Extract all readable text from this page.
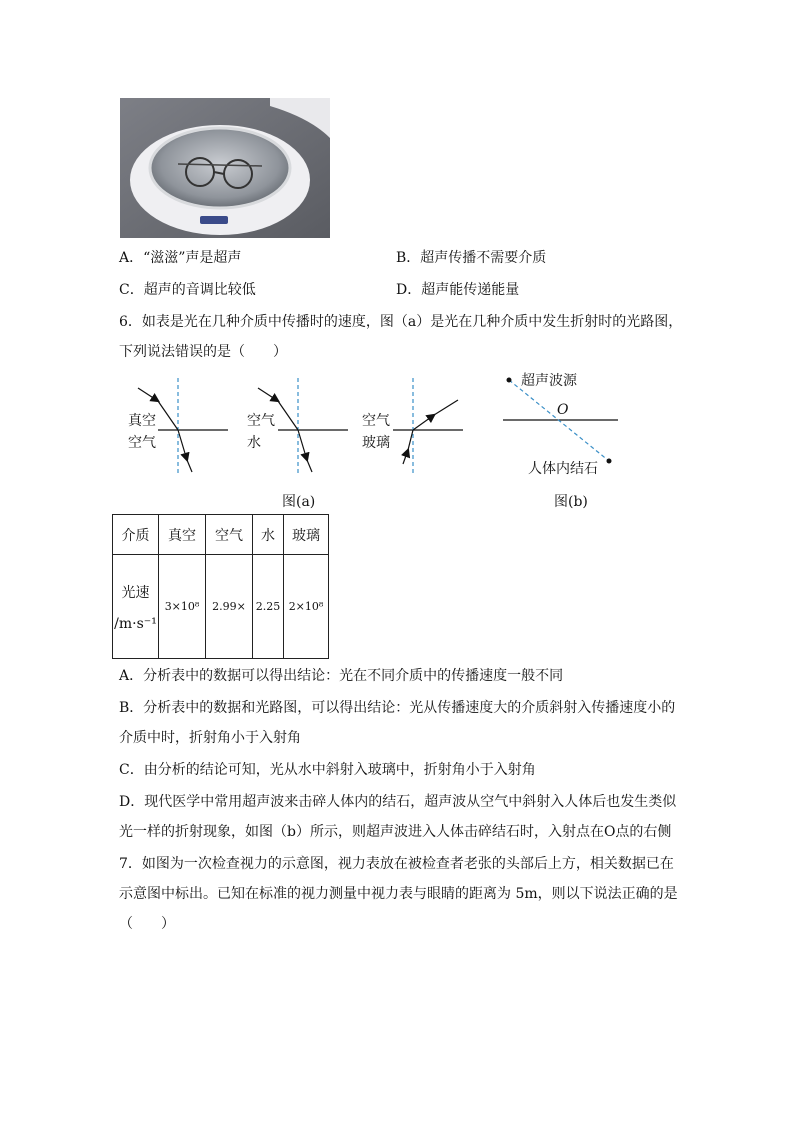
A．“滋滋”声是超声	B．超声传播不需要介质
C．超声的音调比较低	D．超声能传递能量
6．如表是光在几种介质中传播时的速度，图（a）是光在几种介质中发生折射时的光路图，
下列说法错误的是（　　）
真空
空气
空气
水
空气
玻璃
图(a)
超声波源
O
人体内结石
图(b)
介质	真空	空气	水	玻璃

光速
/m·s⁻¹	3×10⁸	2.99×	2.25	2×10⁸
A．分析表中的数据可以得出结论：光在不同介质中的传播速度一般不同
B．分析表中的数据和光路图，可以得出结论：光从传播速度大的介质斜射入传播速度小的
介质中时，折射角小于入射角
C．由分析的结论可知，光从水中斜射入玻璃中，折射角小于入射角
D．现代医学中常用超声波来击碎人体内的结石，超声波从空气中斜射入人体后也发生类似
光一样的折射现象，如图（b）所示，则超声波进入人体击碎结石时，入射点在O点的右侧
7．如图为一次检查视力的示意图，视力表放在被检查者老张的头部后上方，相关数据已在
示意图中标出。已知在标准的视力测量中视力表与眼睛的距离为 5m，则以下说法正确的是
（　　）
